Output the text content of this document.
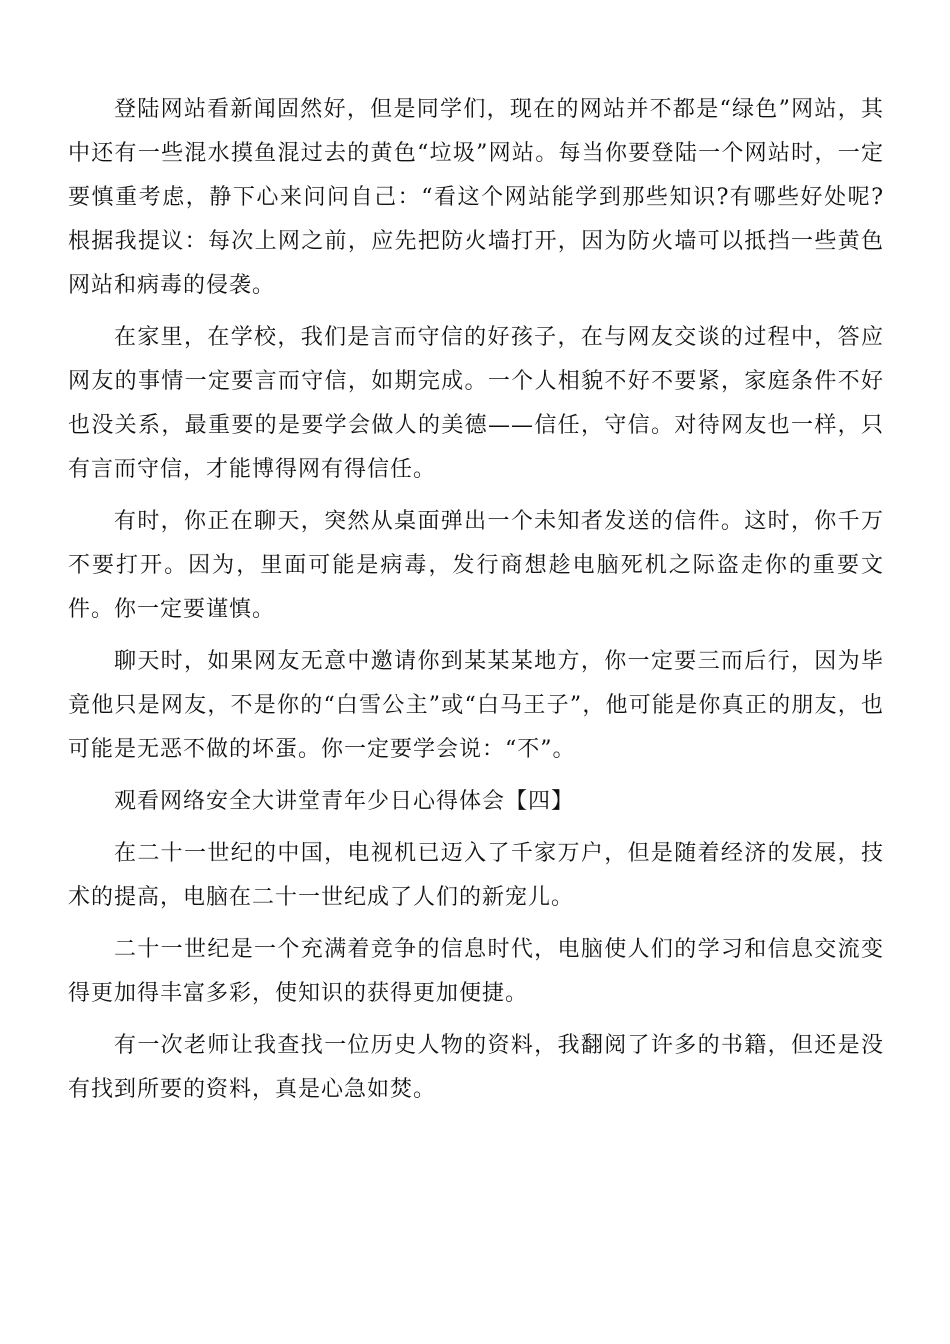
登陆网站看新闻固然好，但是同学们，现在的网站并不都是“绿色”网站，其中还有一些混水摸鱼混过去的黄色“垃圾”网站。每当你要登陆一个网站时，一定要慎重考虑，静下心来问问自己：“看这个网站能学到那些知识?有哪些好处呢?根据我提议：每次上网之前，应先把防火墙打开，因为防火墙可以抵挡一些黄色网站和病毒的侵袭。

在家里，在学校，我们是言而守信的好孩子，在与网友交谈的过程中，答应网友的事情一定要言而守信，如期完成。一个人相貌不好不要紧，家庭条件不好也没关系，最重要的是要学会做人的美德——信任，守信。对待网友也一样，只有言而守信，才能博得网有得信任。

有时，你正在聊天，突然从桌面弹出一个未知者发送的信件。这时，你千万不要打开。因为，里面可能是病毒，发行商想趁电脑死机之际盗走你的重要文件。你一定要谨慎。

聊天时，如果网友无意中邀请你到某某某地方，你一定要三而后行，因为毕竟他只是网友，不是你的“白雪公主”或“白马王子”，他可能是你真正的朋友，也可能是无恶不做的坏蛋。你一定要学会说：“不”。

观看网络安全大讲堂青年少日心得体会【四】

在二十一世纪的中国，电视机已迈入了千家万户，但是随着经济的发展，技术的提高，电脑在二十一世纪成了人们的新宠儿。

二十一世纪是一个充满着竞争的信息时代，电脑使人们的学习和信息交流变得更加得丰富多彩，使知识的获得更加便捷。

有一次老师让我查找一位历史人物的资料，我翻阅了许多的书籍，但还是没有找到所要的资料，真是心急如焚。
